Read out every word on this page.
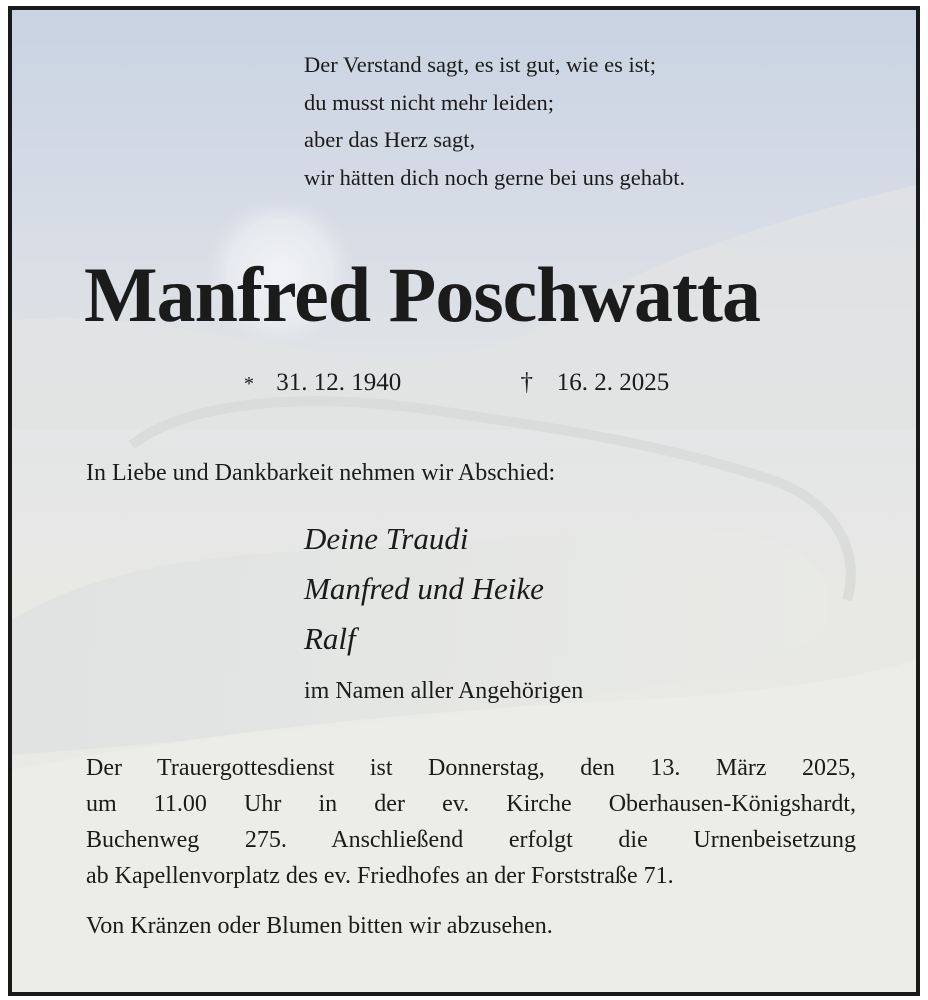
Der Verstand sagt, es ist gut, wie es ist;
du musst nicht mehr leiden;
aber das Herz sagt,
wir hätten dich noch gerne bei uns gehabt.
Manfred Poschwatta
* 31. 12. 1940	† 16. 2. 2025
In Liebe und Dankbarkeit nehmen wir Abschied:
Deine Traudi
Manfred und Heike
Ralf
im Namen aller Angehörigen
Der Trauergottesdienst ist Donnerstag, den 13. März 2025,
um 11.00 Uhr in der ev. Kirche Oberhausen-Königshardt,
Buchenweg 275. Anschließend erfolgt die Urnenbeisetzung
ab Kapellenvorplatz des ev. Friedhofes an der Forststraße 71.
Von Kränzen oder Blumen bitten wir abzusehen.
